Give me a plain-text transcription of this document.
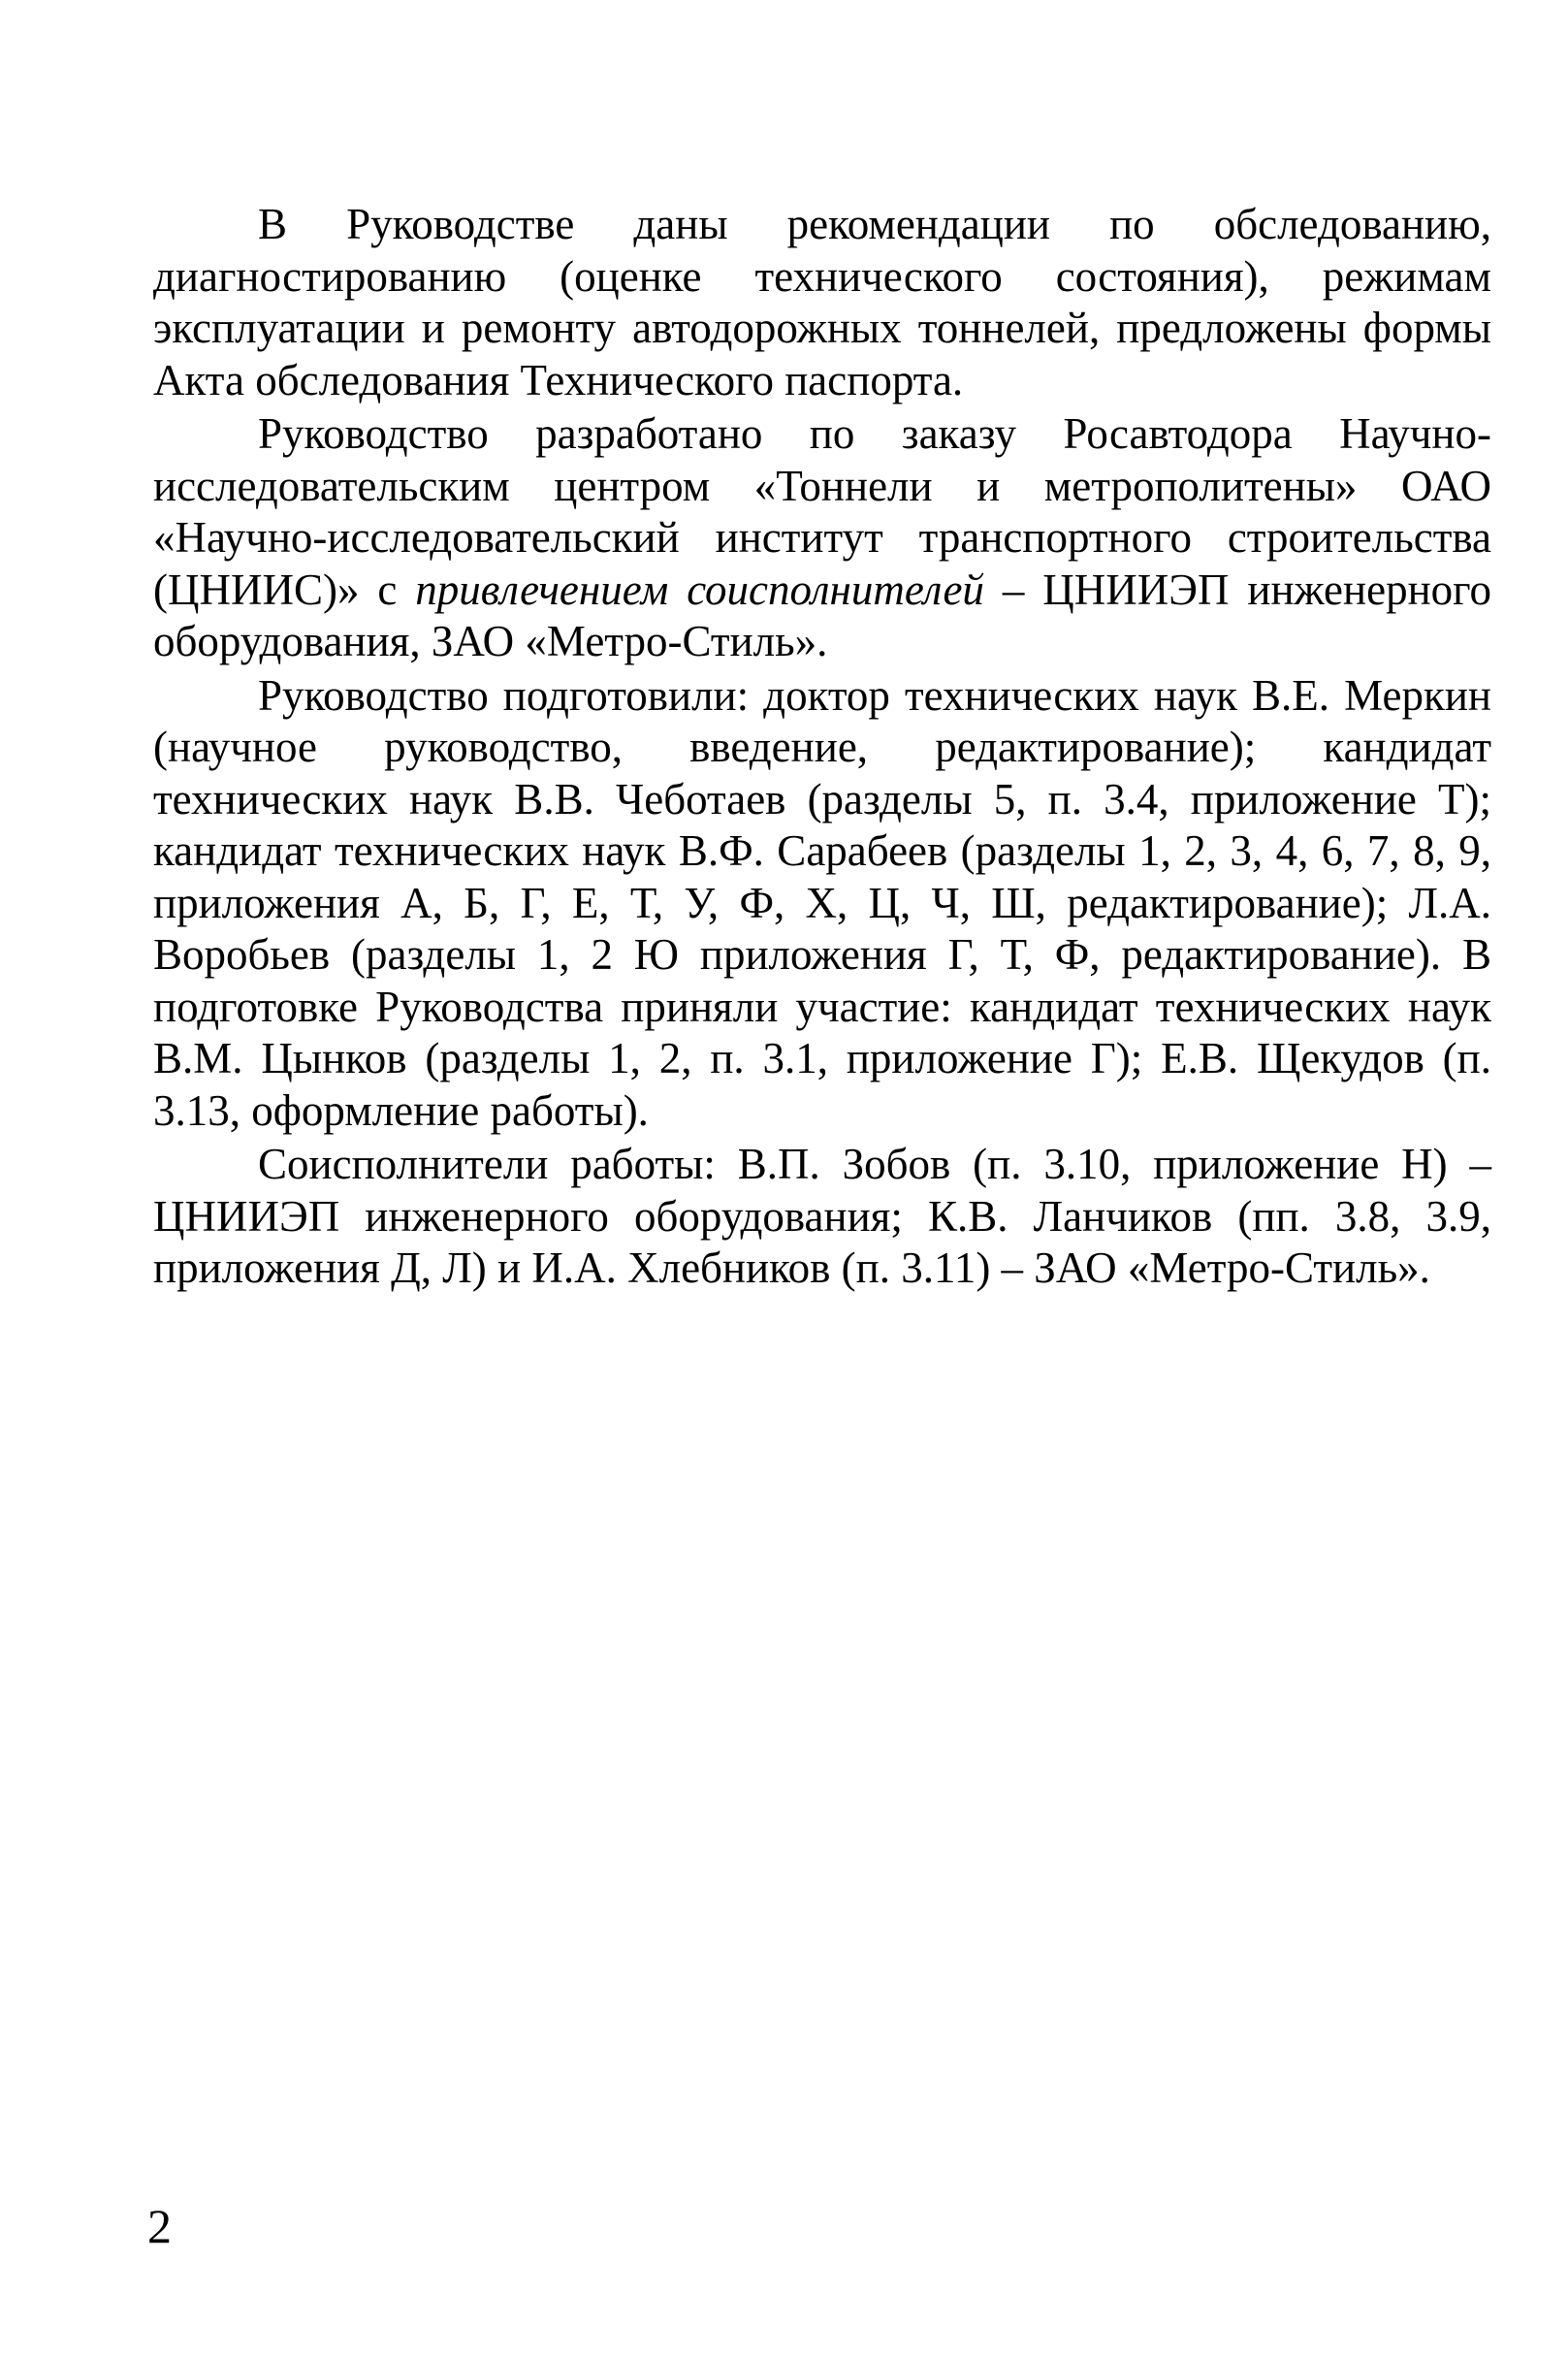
В Руководстве даны рекомендации по обследованию, диагностированию (оценке технического состояния), режимам эксплуатации и ремонту автодорожных тоннелей, предложены формы Акта обследования Технического паспорта.

Руководство разработано по заказу Росавтодора Научно-исследовательским центром «Тоннели и метрополитены» ОАО «Научно-исследовательский институт транспортного строительства (ЦНИИС)» с привлечением соисполнителей – ЦНИИЭП инженерного оборудования, ЗАО «Метро-Стиль».

Руководство подготовили: доктор технических наук В.Е. Меркин (научное руководство, введение, редактирование); кандидат технических наук В.В. Чеботаев (разделы 5, п. 3.4, приложение Т); кандидат технических наук В.Ф. Сарабеев (разделы 1, 2, 3, 4, 6, 7, 8, 9, приложения А, Б, Г, Е, Т, У, Ф, Х, Ц, Ч, Ш, редактирование); Л.А. Воробьев (разделы 1, 2 Ю приложения Г, Т, Ф, редактирование). В подготовке Руководства приняли участие: кандидат технических наук В.М. Цынков (разделы 1, 2, п. 3.1, приложение Г); Е.В. Щекудов (п. 3.13, оформление работы).

Соисполнители работы: В.П. Зобов (п. 3.10, приложение Н) – ЦНИИЭП инженерного оборудования; К.В. Ланчиков (пп. 3.8, 3.9, приложения Д, Л) и И.А. Хлебников (п. 3.11) – ЗАО «Метро-Стиль».

2
